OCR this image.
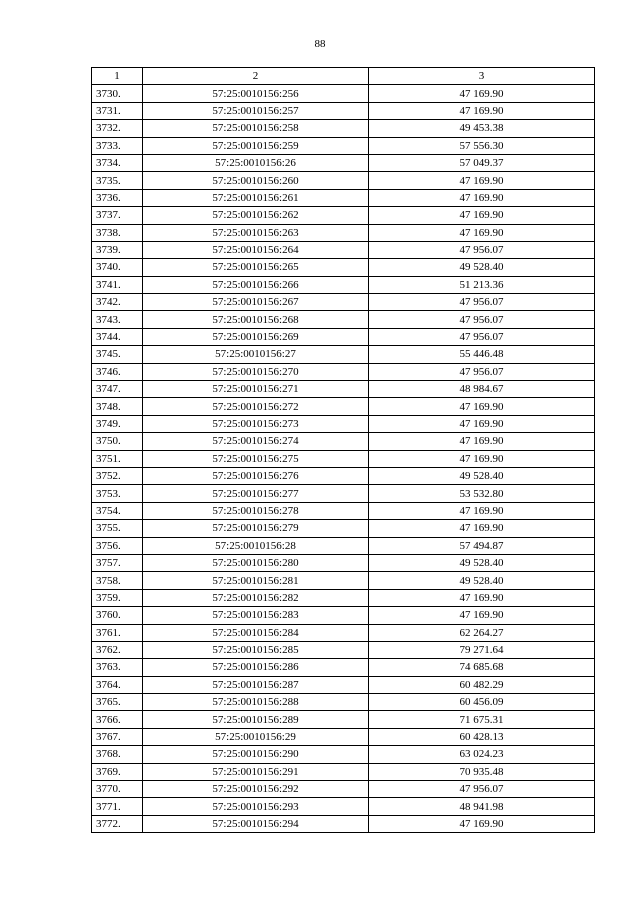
88
1	2	3
3730.	57:25:0010156:256	47 169.90
3731.	57:25:0010156:257	47 169.90
3732.	57:25:0010156:258	49 453.38
3733.	57:25:0010156:259	57 556.30
3734.	57:25:0010156:26	57 049.37
3735.	57:25:0010156:260	47 169.90
3736.	57:25:0010156:261	47 169.90
3737.	57:25:0010156:262	47 169.90
3738.	57:25:0010156:263	47 169.90
3739.	57:25:0010156:264	47 956.07
3740.	57:25:0010156:265	49 528.40
3741.	57:25:0010156:266	51 213.36
3742.	57:25:0010156:267	47 956.07
3743.	57:25:0010156:268	47 956.07
3744.	57:25:0010156:269	47 956.07
3745.	57:25:0010156:27	55 446.48
3746.	57:25:0010156:270	47 956.07
3747.	57:25:0010156:271	48 984.67
3748.	57:25:0010156:272	47 169.90
3749.	57:25:0010156:273	47 169.90
3750.	57:25:0010156:274	47 169.90
3751.	57:25:0010156:275	47 169.90
3752.	57:25:0010156:276	49 528.40
3753.	57:25:0010156:277	53 532.80
3754.	57:25:0010156:278	47 169.90
3755.	57:25:0010156:279	47 169.90
3756.	57:25:0010156:28	57 494.87
3757.	57:25:0010156:280	49 528.40
3758.	57:25:0010156:281	49 528.40
3759.	57:25:0010156:282	47 169.90
3760.	57:25:0010156:283	47 169.90
3761.	57:25:0010156:284	62 264.27
3762.	57:25:0010156:285	79 271.64
3763.	57:25:0010156:286	74 685.68
3764.	57:25:0010156:287	60 482.29
3765.	57:25:0010156:288	60 456.09
3766.	57:25:0010156:289	71 675.31
3767.	57:25:0010156:29	60 428.13
3768.	57:25:0010156:290	63 024.23
3769.	57:25:0010156:291	70 935.48
3770.	57:25:0010156:292	47 956.07
3771.	57:25:0010156:293	48 941.98
3772.	57:25:0010156:294	47 169.90
